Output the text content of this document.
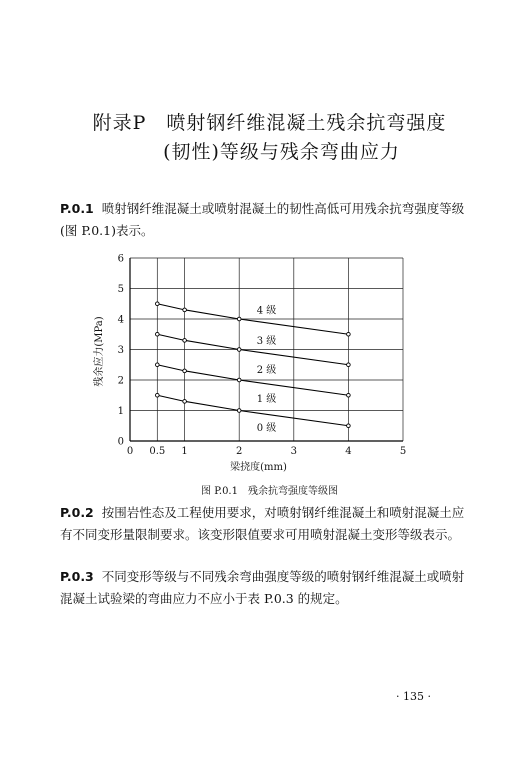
附录P　喷射钢纤维混凝土残余抗弯强度
(韧性)等级与残余弯曲应力

P.0.1 喷射钢纤维混凝土或喷射混凝土的韧性高低可用残余抗弯强度等级(图 P.0.1)表示。

0 0.5 1	2	3	4	5
0
1
2
3
4
5
6
梁挠度(mm)
残余应力(MPa)
4 级
3 级
2 级
1 级
0 级
图 P.0.1　残余抗弯强度等级图

P.0.2 按围岩性态及工程使用要求，对喷射钢纤维混凝土和喷射混凝土应有不同变形量限制要求。该变形限值要求可用喷射混凝土变形等级表示。

P.0.3 不同变形等级与不同残余弯曲强度等级的喷射钢纤维混凝土或喷射混凝土试验梁的弯曲应力不应小于表 P.0.3 的规定。

· 135 ·
